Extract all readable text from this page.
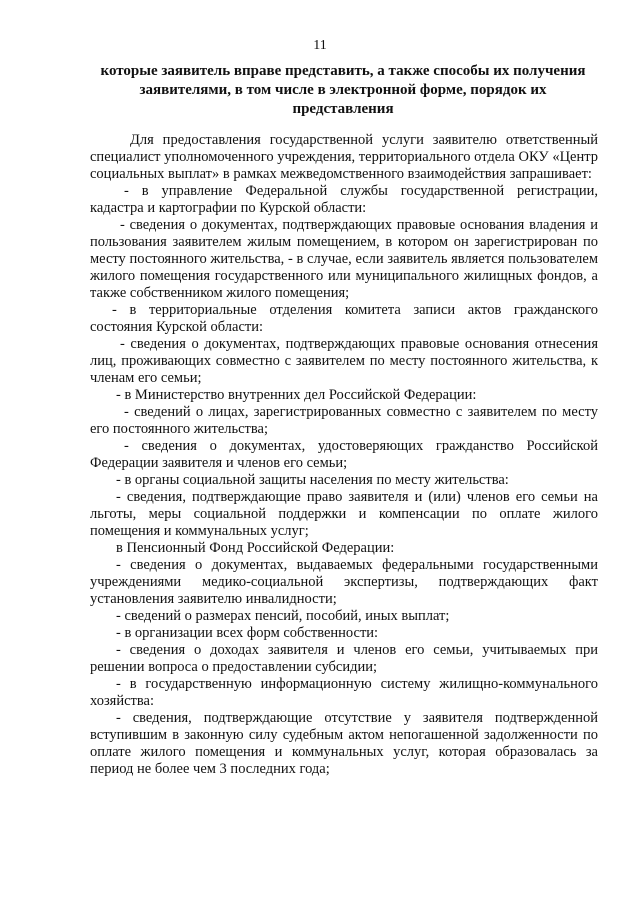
11
которые заявитель вправе представить, а также способы их получения заявителями, в том числе в электронной форме, порядок их представления

Для предоставления государственной услуги заявителю ответственный специалист уполномоченного учреждения, территориального отдела ОКУ «Центр социальных выплат» в рамках межведомственного взаимодействия запрашивает:

- в управление Федеральной службы государственной регистрации, кадастра и картографии по Курской области:

- сведения о документах, подтверждающих правовые основания владения и пользования заявителем жилым помещением, в котором он зарегистрирован по месту постоянного жительства, - в случае, если заявитель является пользователем жилого помещения государственного или муниципального жилищных фондов, а также собственником жилого помещения;

- в территориальные отделения комитета записи актов гражданского состояния Курской области:

- сведения о документах, подтверждающих правовые основания отнесения лиц, проживающих совместно с заявителем по месту постоянного жительства, к членам его семьи;

- в Министерство внутренних дел Российской Федерации:

- сведений о лицах, зарегистрированных совместно с заявителем по месту его постоянного жительства;

- сведения о документах, удостоверяющих гражданство Российской Федерации заявителя и членов его семьи;

- в органы социальной защиты населения по месту жительства:

- сведения, подтверждающие право заявителя и (или) членов его семьи на льготы, меры социальной поддержки и компенсации по оплате жилого помещения и коммунальных услуг;

в Пенсионный Фонд Российской Федерации:

- сведения о документах, выдаваемых федеральными государственными учреждениями медико-социальной экспертизы, подтверждающих факт установления заявителю инвалидности;

- сведений о размерах пенсий, пособий, иных выплат;

- в организации всех форм собственности:

- сведения о доходах заявителя и членов его семьи, учитываемых при решении вопроса о предоставлении субсидии;

- в государственную информационную систему жилищно-коммунального хозяйства:

- сведения, подтверждающие отсутствие у заявителя подтвержденной вступившим в законную силу судебным актом непогашенной задолженности по оплате жилого помещения и коммунальных услуг, которая образовалась за период не более чем 3 последних года;
